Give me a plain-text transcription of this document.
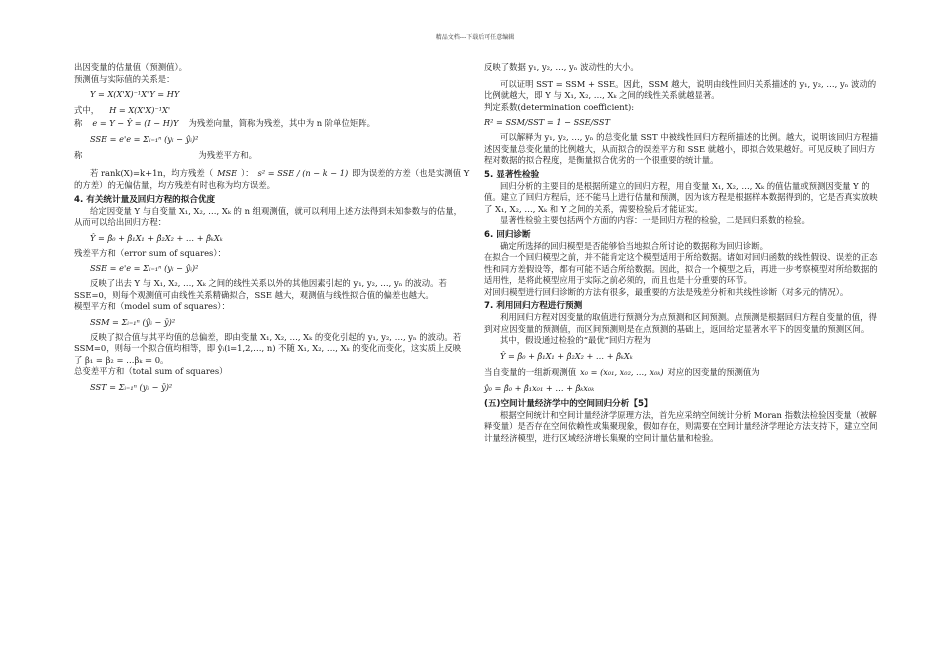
精品文档---下载后可任意编辑
出因变量的估量值（预测值）。
预测值与实际值的关系是：
Y = X(X'X)⁻¹X'Y = HY
式中， H = X(X'X)⁻¹X'
称 e = Y − Ŷ = (I − H)Y 为残差向量，简称为残差，其中为 n 阶单位矩阵。
SSE = e'e = Σᵢ₌₁ⁿ (yᵢ − ŷᵢ)²
称	为残差平方和。
若 rank(X)=k+1n，均方残差（ MSE ）： s² = SSE / (n − k − 1) 即为误差的方差（也是实测值 Y
的方差）的无偏估量，均方残差有时也称为均方误差。
4. 有关统计量及回归方程的拟合优度
给定因变量 Y 与自变量 X₁, X₂, …, Xₖ 的 n 组观测值，就可以利用上述方法得到未知参数与的估量，从而可以给出回归方程：
Ŷ = β̂₀ + β̂₁X₁ + β̂₂X₂ + … + β̂ₖXₖ
残差平方和（error sum of squares）：
SSE = e'e = Σᵢ₌₁ⁿ (yᵢ − ŷᵢ)²
反映了出去 Y 与 X₁, X₂, …, Xₖ 之间的线性关系以外的其他因素引起的 y₁, y₂, …, yₙ 的波动。若 SSE=0，则每个观测值可由线性关系精确拟合，SSE 越大，观测值与线性拟合值的偏差也越大。
模型平方和（model sum of squares）：
SSM = Σᵢ₌₁ⁿ (ŷᵢ − ȳ)²
反映了拟合值与其平均值的总偏差，即由变量 X₁, X₂, …, Xₖ 的变化引起的 y₁, y₂, …, yₙ 的波动。若 SSM=0，则每一个拟合值均相等，即 ŷᵢ(i=1,2,…, n) 不随 X₁, X₂, …, Xₖ 的变化而变化，这实质上反映了 β₁ = β₂ = …βₖ = 0。
总变差平方和（total sum of squares）
SST = Σᵢ₌₁ⁿ (yᵢ − ȳ)²
反映了数据 y₁, y₂, …, yₙ 波动性的大小。
可以证明 SST = SSM + SSE。因此，SSM 越大，说明由线性回归关系描述的 y₁, y₂, …, yₙ 波动的比例就越大，即 Y 与 X₁, X₂, …, Xₖ 之间的线性关系就越显著。
判定系数(determination coefficient):
R² = SSM/SST = 1 − SSE/SST
可以解释为 y₁, y₂, …, yₙ 的总变化量 SST 中被线性回归方程所描述的比例。越大，说明该回归方程描述因变量总变化量的比例越大，从而拟合的误差平方和 SSE 就越小，即拟合效果越好。可见反映了回归方程对数据的拟合程度，是衡量拟合优劣的一个很重要的统计量。
5. 显著性检验
回归分析的主要目的是根据所建立的回归方程，用自变量 X₁, X₂, …, Xₖ 的值估量或预测因变量 Y 的值。建立了回归方程后，还不能马上进行估量和预测，因为该方程是根据样本数据得到的，它是否真实放映了 X₁, X₂, …, Xₖ 和 Y 之间的关系，需要检验后才能证实。
显著性检验主要包括两个方面的内容：一是回归方程的检验，二是回归系数的检验。
6. 回归诊断
确定所选择的回归模型是否能够恰当地拟合所讨论的数据称为回归诊断。
在拟合一个回归模型之前，并不能肯定这个模型适用于所给数据。诸如对回归函数的线性假设、误差的正态性和同方差假设等，都有可能不适合所给数据。因此，拟合一个模型之后，再进一步考察模型对所给数据的适用性，是将此模型应用于实际之前必须的，而且也是十分重要的环节。
对回归模型进行回归诊断的方法有很多，最重要的方法是残差分析和共线性诊断（对多元的情况）。
7. 利用回归方程进行预测
利用回归方程对因变量的取值进行预测分为点预测和区间预测。点预测是根据回归方程自变量的值，得到对应因变量的预测值，而区间预测则是在点预测的基础上，返回给定显著水平下的因变量的预测区间。
其中，假设通过检验的“最优”回归方程为
Ŷ = β̂₀ + β̂₁X₁ + β̂₂X₂ + … + β̂ₖXₖ
当自变量的一组新观测值 x₀ = (x₀₁, x₀₂, …, x₀ₖ) 对应的因变量的预测值为
ŷ₀ = β̂₀ + β̂₁x₀₁ + … + β̂ₖx₀ₖ
(五)空间计量经济学中的空间回归分析【5】
根据空间统计和空间计量经济学原理方法，首先应采纳空间统计分析 Moran 指数法检验因变量（被解释变量）是否存在空间依赖性或集聚现象，假如存在，则需要在空间计量经济学理论方法支持下，建立空间计量经济模型，进行区域经济增长集聚的空间计量估量和检验。
